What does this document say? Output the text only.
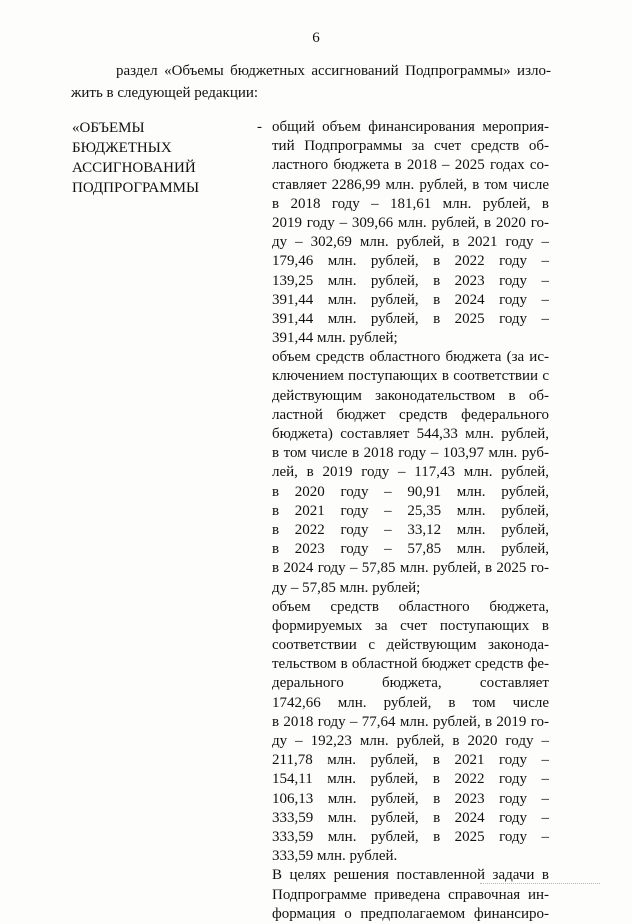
6
раздел «Объемы бюджетных ассигнований Подпрограммы» изло-
жить в следующей редакции:
«ОБЪЕМЫ
БЮДЖЕТНЫХ
АССИГНОВАНИЙ
ПОДПРОГРАММЫ
- общий объем финансирования мероприя-
тий Подпрограммы за счет средств об-
ластного бюджета в 2018 – 2025 годах со-
ставляет 2286,99 млн. рублей, в том числе
в 2018 году – 181,61 млн. рублей, в
2019 году – 309,66 млн. рублей, в 2020 го-
ду – 302,69 млн. рублей, в 2021 году –
179,46 млн. рублей, в 2022 году –
139,25 млн. рублей, в 2023 году –
391,44 млн. рублей, в 2024 году –
391,44 млн. рублей, в 2025 году –
391,44 млн. рублей;
объем средств областного бюджета (за ис-
ключением поступающих в соответствии с
действующим законодательством в об-
ластной бюджет средств федерального
бюджета) составляет 544,33 млн. рублей,
в том числе в 2018 году – 103,97 млн. руб-
лей, в 2019 году – 117,43 млн. рублей,
в 2020 году – 90,91 млн. рублей,
в 2021 году – 25,35 млн. рублей,
в 2022 году – 33,12 млн. рублей,
в 2023 году – 57,85 млн. рублей,
в 2024 году – 57,85 млн. рублей, в 2025 го-
ду – 57,85 млн. рублей;
объем средств областного бюджета,
формируемых за счет поступающих в
соответствии с действующим законода-
тельством в областной бюджет средств фе-
дерального бюджета, составляет
1742,66 млн. рублей, в том числе
в 2018 году – 77,64 млн. рублей, в 2019 го-
ду – 192,23 млн. рублей, в 2020 году –
211,78 млн. рублей, в 2021 году –
154,11 млн. рублей, в 2022 году –
106,13 млн. рублей, в 2023 году –
333,59 млн. рублей, в 2024 году –
333,59 млн. рублей, в 2025 году –
333,59 млн. рублей.
В целях решения поставленной задачи в
Подпрограмме приведена справочная ин-
формация о предполагаемом финансиро-
